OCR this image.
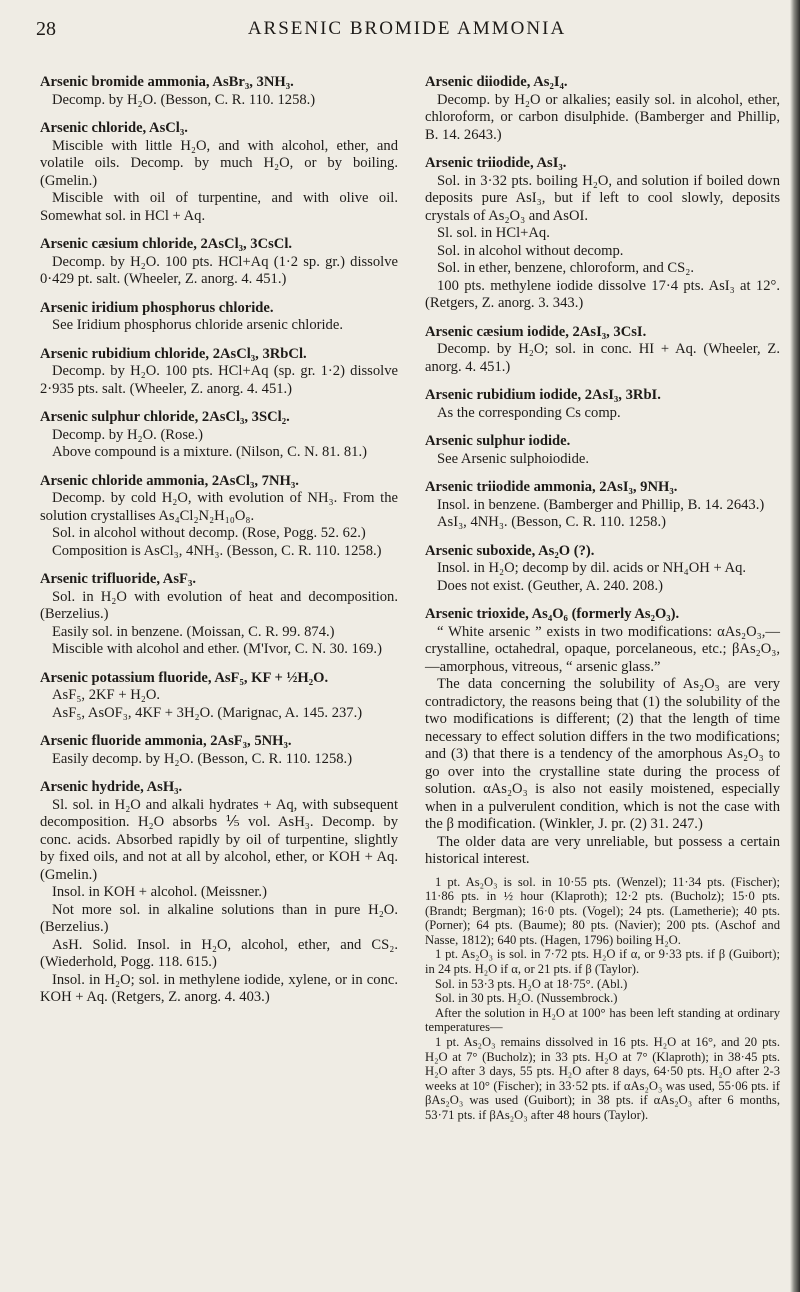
28	ARSENIC BROMIDE AMMONIA

Arsenic bromide ammonia, AsBr₃, 3NH₃.

Decomp. by H₂O. (Besson, C. R. 110. 1258.)

Arsenic chloride, AsCl₃.

Miscible with little H₂O, and with alcohol, ether, and volatile oils. Decomp. by much H₂O, or by boiling. (Gmelin.)

Miscible with oil of turpentine, and with olive oil. Somewhat sol. in HCl + Aq.

Arsenic cæsium chloride, 2AsCl₃, 3CsCl.

Decomp. by H₂O. 100 pts. HCl+Aq (1·2 sp. gr.) dissolve 0·429 pt. salt. (Wheeler, Z. anorg. 4. 451.)

Arsenic iridium phosphorus chloride.

See Iridium phosphorus chloride arsenic chloride.

Arsenic rubidium chloride, 2AsCl₃, 3RbCl.

Decomp. by H₂O. 100 pts. HCl+Aq (sp. gr. 1·2) dissolve 2·935 pts. salt. (Wheeler, Z. anorg. 4. 451.)

Arsenic sulphur chloride, 2AsCl₃, 3SCl₂.

Decomp. by H₂O. (Rose.)

Above compound is a mixture. (Nilson, C. N. 81. 81.)

Arsenic chloride ammonia, 2AsCl₃, 7NH₃.

Decomp. by cold H₂O, with evolution of NH₃. From the solution crystallises As₄Cl₂N₂H₁₀O₈.

Sol. in alcohol without decomp. (Rose, Pogg. 52. 62.)

Composition is AsCl₃, 4NH₃. (Besson, C. R. 110. 1258.)

Arsenic trifluoride, AsF₃.

Sol. in H₂O with evolution of heat and decomposition. (Berzelius.)

Easily sol. in benzene. (Moissan, C. R. 99. 874.)

Miscible with alcohol and ether. (M'Ivor, C. N. 30. 169.)

Arsenic potassium fluoride, AsF₅, KF + ½H₂O.

AsF₅, 2KF + H₂O.

AsF₅, AsOF₃, 4KF + 3H₂O. (Marignac, A. 145. 237.)

Arsenic fluoride ammonia, 2AsF₃, 5NH₃.

Easily decomp. by H₂O. (Besson, C. R. 110. 1258.)

Arsenic hydride, AsH₃.

Sl. sol. in H₂O and alkali hydrates + Aq, with subsequent decomposition. H₂O absorbs ⅕ vol. AsH₃. Decomp. by conc. acids. Absorbed rapidly by oil of turpentine, slightly by fixed oils, and not at all by alcohol, ether, or KOH + Aq. (Gmelin.)

Insol. in KOH + alcohol. (Meissner.)

Not more sol. in alkaline solutions than in pure H₂O. (Berzelius.)

AsH. Solid. Insol. in H₂O, alcohol, ether, and CS₂. (Wiederhold, Pogg. 118. 615.)

Insol. in H₂O; sol. in methylene iodide, xylene, or in conc. KOH + Aq. (Retgers, Z. anorg. 4. 403.)

Arsenic diiodide, As₂I₄.

Decomp. by H₂O or alkalies; easily sol. in alcohol, ether, chloroform, or carbon disulphide. (Bamberger and Phillip, B. 14. 2643.)

Arsenic triiodide, AsI₃.

Sol. in 3·32 pts. boiling H₂O, and solution if boiled down deposits pure AsI₃, but if left to cool slowly, deposits crystals of As₂O₃ and AsOI.

Sl. sol. in HCl+Aq.

Sol. in alcohol without decomp.

Sol. in ether, benzene, chloroform, and CS₂.

100 pts. methylene iodide dissolve 17·4 pts. AsI₃ at 12°. (Retgers, Z. anorg. 3. 343.)

Arsenic cæsium iodide, 2AsI₃, 3CsI.

Decomp. by H₂O; sol. in conc. HI + Aq. (Wheeler, Z. anorg. 4. 451.)

Arsenic rubidium iodide, 2AsI₃, 3RbI.

As the corresponding Cs comp.

Arsenic sulphur iodide.

See Arsenic sulphoiodide.

Arsenic triiodide ammonia, 2AsI₃, 9NH₃.

Insol. in benzene. (Bamberger and Phillip, B. 14. 2643.)

AsI₃, 4NH₃. (Besson, C. R. 110. 1258.)

Arsenic suboxide, As₂O (?).

Insol. in H₂O; decomp by dil. acids or NH₄OH + Aq.

Does not exist. (Geuther, A. 240. 208.)

Arsenic trioxide, As₄O₆ (formerly As₂O₃).

“ White arsenic ” exists in two modifications: αAs₂O₃,—crystalline, octahedral, opaque, porcelaneous, etc.; βAs₂O₃,—amorphous, vitreous, “ arsenic glass.”

The data concerning the solubility of As₂O₃ are very contradictory, the reasons being that (1) the solubility of the two modifications is different; (2) that the length of time necessary to effect solution differs in the two modifications; and (3) that there is a tendency of the amorphous As₂O₃ to go over into the crystalline state during the process of solution. αAs₂O₃ is also not easily moistened, especially when in a pulverulent condition, which is not the case with the β modification. (Winkler, J. pr. (2) 31. 247.)

The older data are very unreliable, but possess a certain historical interest.

1 pt. As₂O₃ is sol. in 10·55 pts. (Wenzel); 11·34 pts. (Fischer); 11·86 pts. in ½ hour (Klaproth); 12·2 pts. (Bucholz); 15·0 pts. (Brandt; Bergman); 16·0 pts. (Vogel); 24 pts. (Lametherie); 40 pts. (Porner); 64 pts. (Baume); 80 pts. (Navier); 200 pts. (Aschof and Nasse, 1812); 640 pts. (Hagen, 1796) boiling H₂O.

1 pt. As₂O₃ is sol. in 7·72 pts. H₂O if α, or 9·33 pts. if β (Guibort); in 24 pts. H₂O if α, or 21 pts. if β (Taylor).

Sol. in 53·3 pts. H₂O at 18·75°. (Abl.)

Sol. in 30 pts. H₂O. (Nussembrock.)

After the solution in H₂O at 100° has been left standing at ordinary temperatures—

1 pt. As₂O₃ remains dissolved in 16 pts. H₂O at 16°, and 20 pts. H₂O at 7° (Bucholz); in 33 pts. H₂O at 7° (Klaproth); in 38·45 pts. H₂O after 3 days, 55 pts. H₂O after 8 days, 64·50 pts. H₂O after 2-3 weeks at 10° (Fischer); in 33·52 pts. if αAs₂O₃ was used, 55·06 pts. if βAs₂O₃ was used (Guibort); in 38 pts. if αAs₂O₃ after 6 months, 53·71 pts. if βAs₂O₃ after 48 hours (Taylor).
